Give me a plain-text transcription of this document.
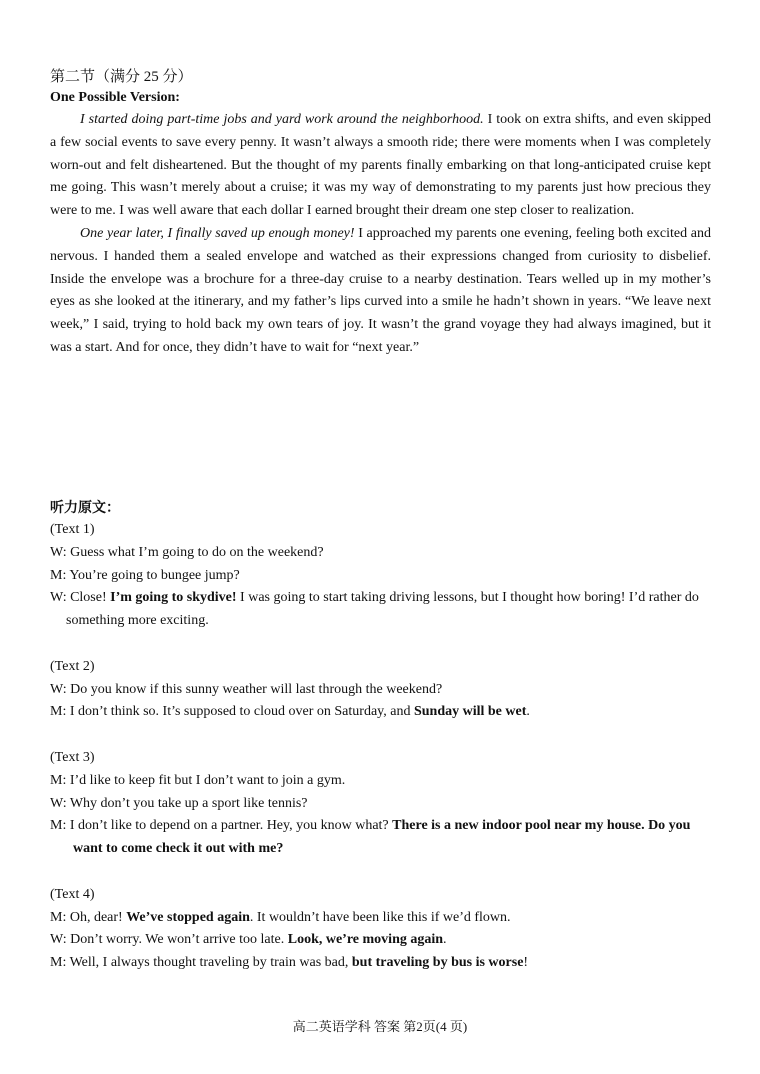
第二节（满分 25 分）
One Possible Version:

I started doing part-time jobs and yard work around the neighborhood. I took on extra shifts, and even skipped a few social events to save every penny. It wasn’t always a smooth ride; there were moments when I was completely worn-out and felt disheartened. But the thought of my parents finally embarking on that long-anticipated cruise kept me going. This wasn’t merely about a cruise; it was my way of demonstrating to my parents just how precious they were to me. I was well aware that each dollar I earned brought their dream one step closer to realization.

One year later, I finally saved up enough money! I approached my parents one evening, feeling both excited and nervous. I handed them a sealed envelope and watched as their expressions changed from curiosity to disbelief. Inside the envelope was a brochure for a three-day cruise to a nearby destination. Tears welled up in my mother’s eyes as she looked at the itinerary, and my father’s lips curved into a smile he hadn’t shown in years. “We leave next week,” I said, trying to hold back my own tears of joy. It wasn’t the grand voyage they had always imagined, but it was a start. And for once, they didn’t have to wait for “next year.”

听力原文：
(Text 1)
W: Guess what I’m going to do on the weekend?
M: You’re going to bungee jump?
W: Close! I’m going to skydive! I was going to start taking driving lessons, but I thought how boring! I’d rather do something more exciting.
(Text 2)
W: Do you know if this sunny weather will last through the weekend?
M: I don’t think so. It’s supposed to cloud over on Saturday, and Sunday will be wet.
(Text 3)
M: I’d like to keep fit but I don’t want to join a gym.
W: Why don’t you take up a sport like tennis?
M: I don’t like to depend on a partner. Hey, you know what? There is a new indoor pool near my house. Do you want to come check it out with me?
(Text 4)
M: Oh, dear! We’ve stopped again. It wouldn’t have been like this if we’d flown.
W: Don’t worry. We won’t arrive too late. Look, we’re moving again.
M: Well, I always thought traveling by train was bad, but traveling by bus is worse!
高二英语学科 答案 第2页(4 页)
